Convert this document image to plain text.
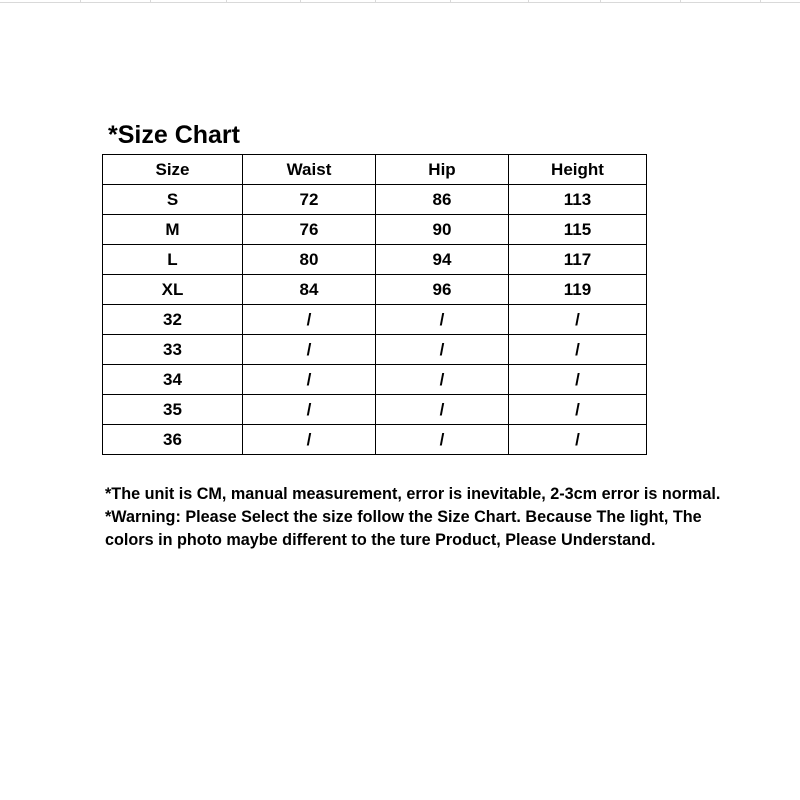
*Size Chart
Size	Waist	Hip	Height
S	72	86	113
M	76	90	115
L	80	94	117
XL	84	96	119
32	/	/	/
33	/	/	/
34	/	/	/
35	/	/	/
36	/	/	/

*The unit is CM, manual measurement, error is inevitable, 2-3cm error is normal.

*Warning: Please Select the size follow the Size Chart. Because The light, The

colors in photo maybe different to the ture Product, Please Understand.
